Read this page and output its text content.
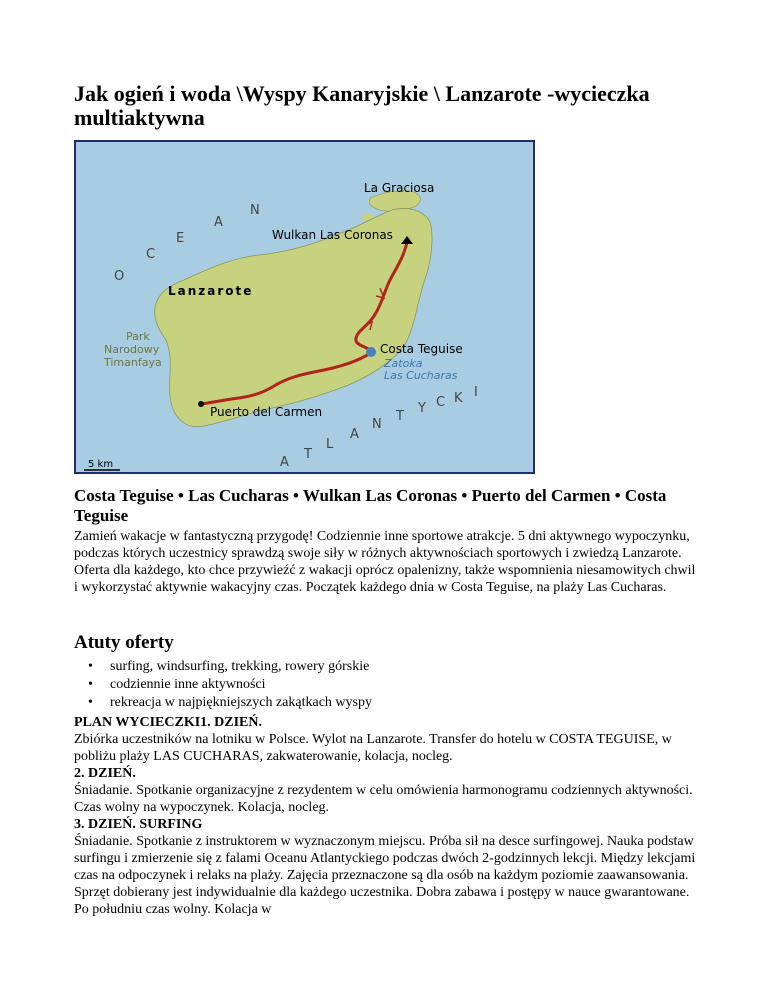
Jak ogień i woda \Wyspy Kanaryjskie \ Lanzarote -wycieczka multiaktywna
La Graciosa
Wulkan Las Coronas
Lanzarote
Park
Narodowy
Timanfaya
Costa Teguise
Zatoka
Las Cucharas
Puerto del Carmen
O
C
E
A
N
A
T
L
A
N
T
Y C K I
5 km
Costa Teguise • Las Cucharas • Wulkan Las Coronas • Puerto del Carmen • Costa Teguise

Zamień wakacje w fantastyczną przygodę! Codziennie inne sportowe atrakcje. 5 dni aktywnego wypoczynku, podczas których uczestnicy sprawdzą swoje siły w różnych aktywnościach sportowych i zwiedzą Lanzarote. Oferta dla każdego, kto chce przywieźć z wakacji oprócz opalenizny, także wspomnienia niesamowitych chwil i wykorzystać aktywnie wakacyjny czas. Początek każdego dnia w Costa Teguise, na plaży Las Cucharas.

Atuty oferty
• surfing, windsurfing, trekking, rowery górskie
• codziennie inne aktywności
• rekreacja w najpiękniejszych zakątkach wyspy
PLAN WYCIECZKI1. DZIEŃ.

Zbiórka uczestników na lotniku w Polsce. Wylot na Lanzarote. Transfer do hotelu w COSTA TEGUISE, w pobliżu plaży LAS CUCHARAS, zakwaterowanie, kolacja, nocleg.

2. DZIEŃ.

Śniadanie. Spotkanie organizacyjne z rezydentem w celu omówienia harmonogramu codziennych aktywności. Czas wolny na wypoczynek. Kolacja, nocleg.

3. DZIEŃ. SURFING

Śniadanie. Spotkanie z instruktorem w wyznaczonym miejscu. Próba sił na desce surfingowej. Nauka podstaw surfingu i zmierzenie się z falami Oceanu Atlantyckiego podczas dwóch 2-godzinnych lekcji. Między lekcjami czas na odpoczynek i relaks na plaży. Zajęcia przeznaczone są dla osób na każdym poziomie zaawansowania. Sprzęt dobierany jest indywidualnie dla każdego uczestnika. Dobra zabawa i postępy w nauce gwarantowane. Po południu czas wolny. Kolacja w
